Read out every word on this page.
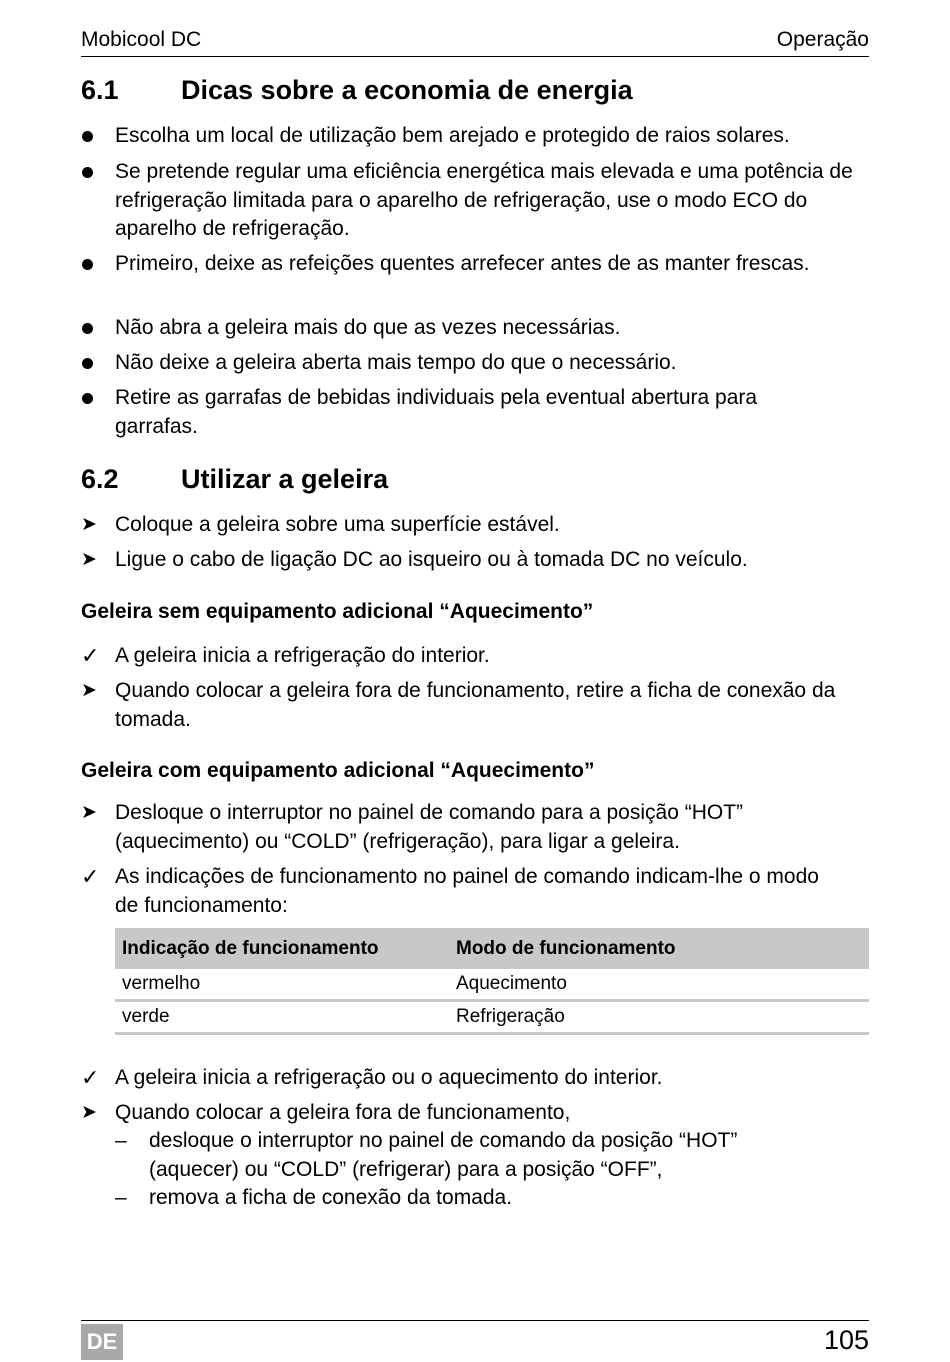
Mobicool DC	Operação
6.1	Dicas sobre a economia de energia
Escolha um local de utilização bem arejado e protegido de raios solares.
Se pretende regular uma eficiência energética mais elevada e uma potência de refrigeração limitada para o aparelho de refrigeração, use o modo ECO do aparelho de refrigeração.
Primeiro, deixe as refeições quentes arrefecer antes de as manter frescas.
Não abra a geleira mais do que as vezes necessárias.
Não deixe a geleira aberta mais tempo do que o necessário.
Retire as garrafas de bebidas individuais pela eventual abertura para garrafas.
6.2	Utilizar a geleira
➤ Coloque a geleira sobre uma superfície estável.
➤ Ligue o cabo de ligação DC ao isqueiro ou à tomada DC no veículo.
Geleira sem equipamento adicional “Aquecimento”
✓ A geleira inicia a refrigeração do interior.
➤ Quando colocar a geleira fora de funcionamento, retire a ficha de conexão da tomada.
Geleira com equipamento adicional “Aquecimento”
➤ Desloque o interruptor no painel de comando para a posição “HOT” (aquecimento) ou “COLD” (refrigeração), para ligar a geleira.
✓ As indicações de funcionamento no painel de comando indicam-lhe o modo de funcionamento:
Indicação de funcionamento	Modo de funcionamento
vermelho	Aquecimento
verde	Refrigeração
✓ A geleira inicia a refrigeração ou o aquecimento do interior.
➤ Quando colocar a geleira fora de funcionamento,
–	desloque o interruptor no painel de comando da posição “HOT” (aquecer) ou “COLD” (refrigerar) para a posição “OFF”,
–	remova a ficha de conexão da tomada.
DE	105
